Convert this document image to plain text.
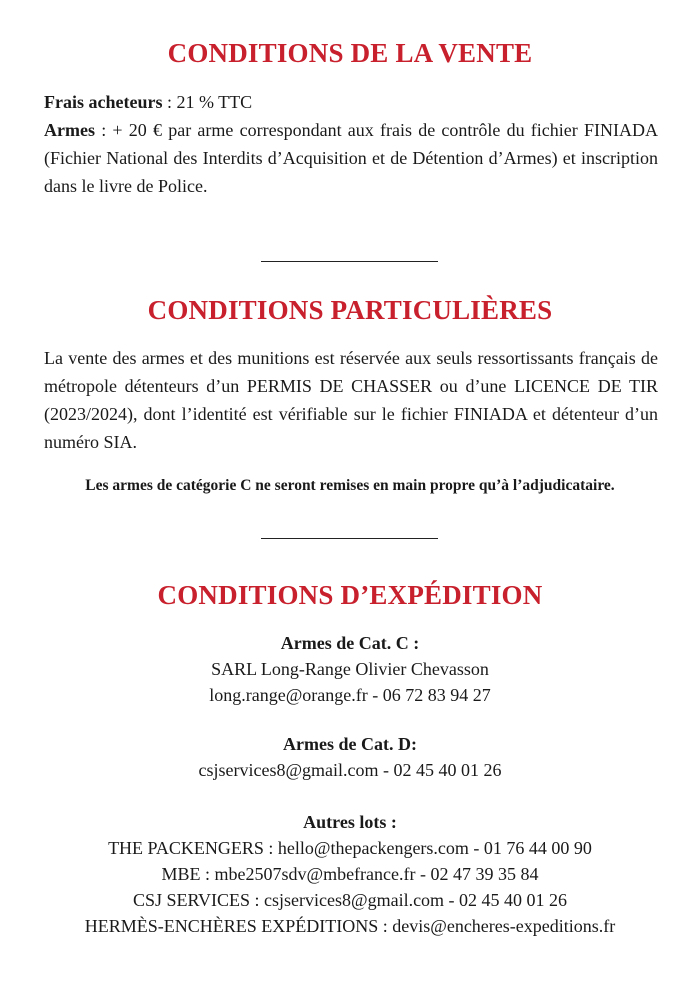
CONDITIONS DE LA VENTE
Frais acheteurs : 21 % TTC
Armes : + 20 € par arme correspondant aux frais de contrôle du fichier FINIADA (Fichier National des Interdits d’Acquisition et de Détention d’Armes) et inscription dans le livre de Police.
CONDITIONS PARTICULIÈRES

La vente des armes et des munitions est réservée aux seuls ressortissants français de métropole détenteurs d’un PERMIS DE CHASSER ou d’une LICENCE DE TIR (2023/2024), dont l’identité est vérifiable sur le fichier FINIADA et détenteur d’un numéro SIA.

Les armes de catégorie C ne seront remises en main propre qu’à l’adjudicataire.

CONDITIONS D’EXPÉDITION
Armes de Cat. C :
SARL Long-Range Olivier Chevasson
long.range@orange.fr - 06 72 83 94 27
Armes de Cat. D:
csjservices8@gmail.com - 02 45 40 01 26
Autres lots :
THE PACKENGERS : hello@thepackengers.com - 01 76 44 00 90
MBE : mbe2507sdv@mbefrance.fr - 02 47 39 35 84
CSJ SERVICES : csjservices8@gmail.com - 02 45 40 01 26
HERMÈS-ENCHÈRES EXPÉDITIONS : devis@encheres-expeditions.fr
